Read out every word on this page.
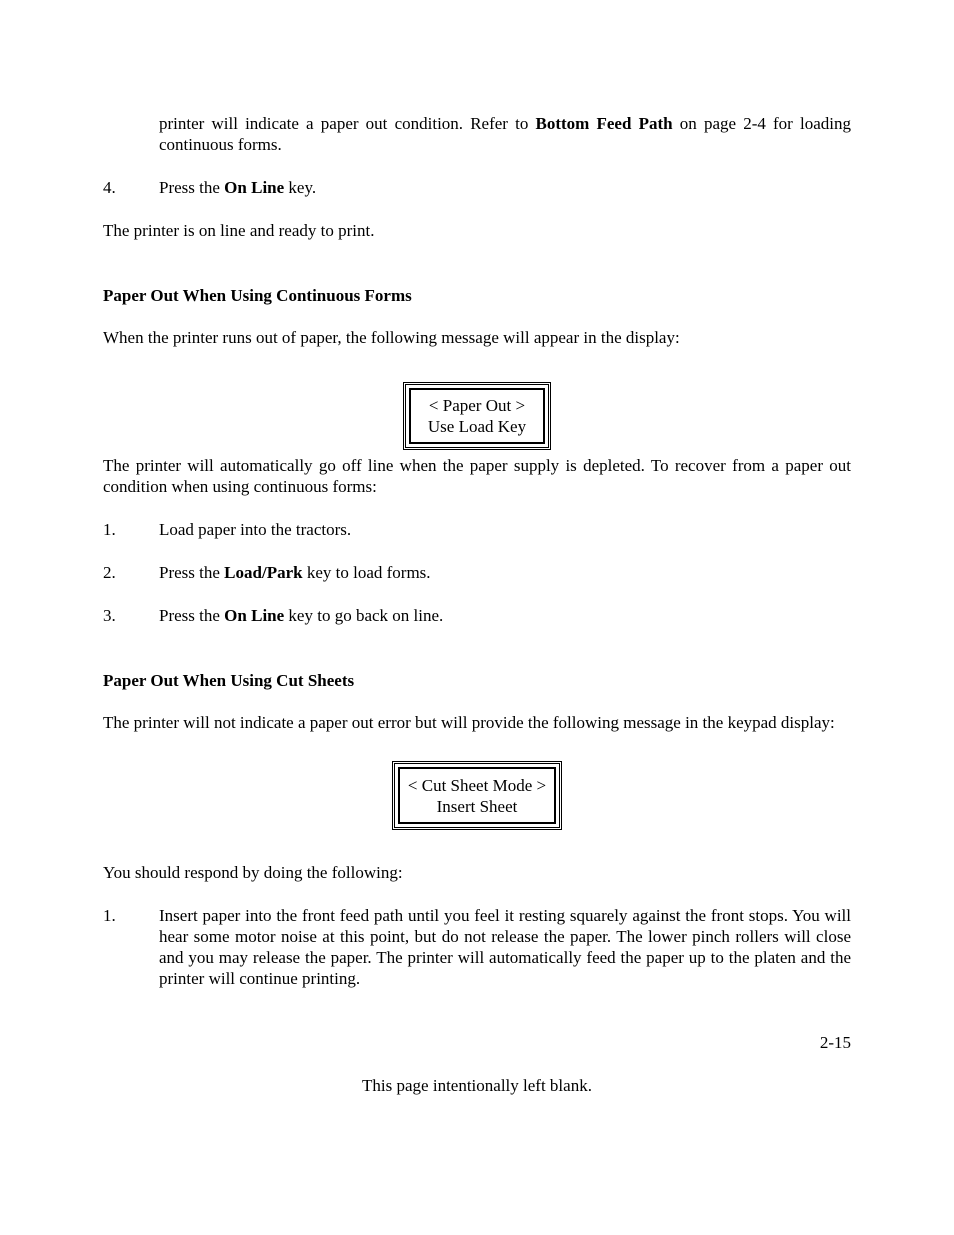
printer will indicate a paper out condition. Refer to Bottom Feed Path on page 2-4 for loading continuous forms.
4.	Press the On Line key.
The printer is on line and ready to print.
Paper Out When Using Continuous Forms
When the printer runs out of paper, the following message will appear in the display:
< Paper Out >
Use Load Key
The printer will automatically go off line when the paper supply is depleted. To recover from a paper out condition when using continuous forms:
1.	Load paper into the tractors.
2.	Press the Load/Park key to load forms.
3.	Press the On Line key to go back on line.
Paper Out When Using Cut Sheets
The printer will not indicate a paper out error but will provide the following message in the keypad display:
< Cut Sheet Mode >
Insert Sheet
You should respond by doing the following:
1.	Insert paper into the front feed path until you feel it resting squarely against the front stops. You will hear some motor noise at this point, but do not release the paper. The lower pinch rollers will close and you may release the paper. The printer will automatically feed the paper up to the platen and the printer will continue printing.
2-15
This page intentionally left blank.
